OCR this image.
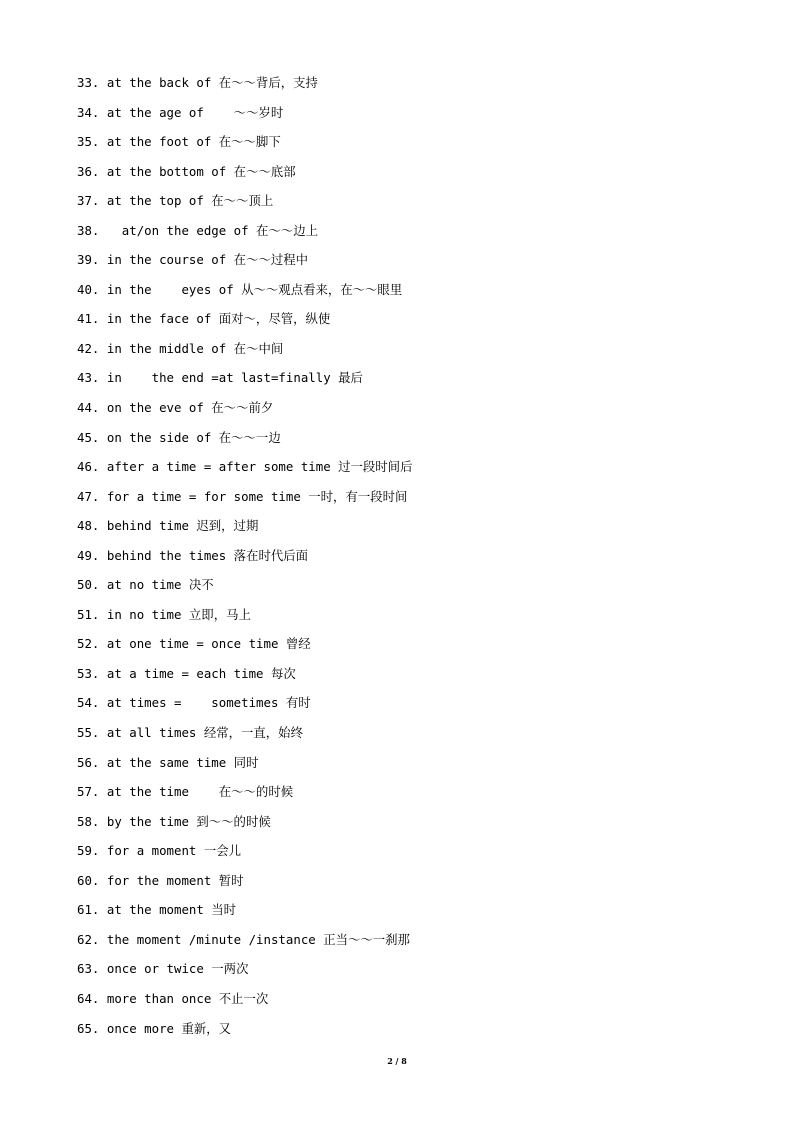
33. at the back of 在～～背后，支持
34. at the age of    ～～岁时
35. at the foot of 在～～脚下
36. at the bottom of 在～～底部
37. at the top of 在～～顶上
38.   at/on the edge of 在～～边上
39. in the course of 在～～过程中
40. in the    eyes of 从～～观点看来，在～～眼里
41. in the face of 面对～，尽管，纵使
42. in the middle of 在～中间
43. in    the end =at last=finally 最后
44. on the eve of 在～～前夕
45. on the side of 在～～一边
46. after a time = after some time 过一段时间后
47. for a time = for some time 一时，有一段时间
48. behind time 迟到，过期
49. behind the times 落在时代后面
50. at no time 决不
51. in no time 立即，马上
52. at one time = once time 曾经
53. at a time = each time 每次
54. at times =    sometimes 有时
55. at all times 经常，一直，始终
56. at the same time 同时
57. at the time    在～～的时候
58. by the time 到～～的时候
59. for a moment 一会儿
60. for the moment 暂时
61. at the moment 当时
62. the moment /minute /instance 正当～～一刹那
63. once or twice 一两次
64. more than once 不止一次
65. once more 重新，又
2 / 8
